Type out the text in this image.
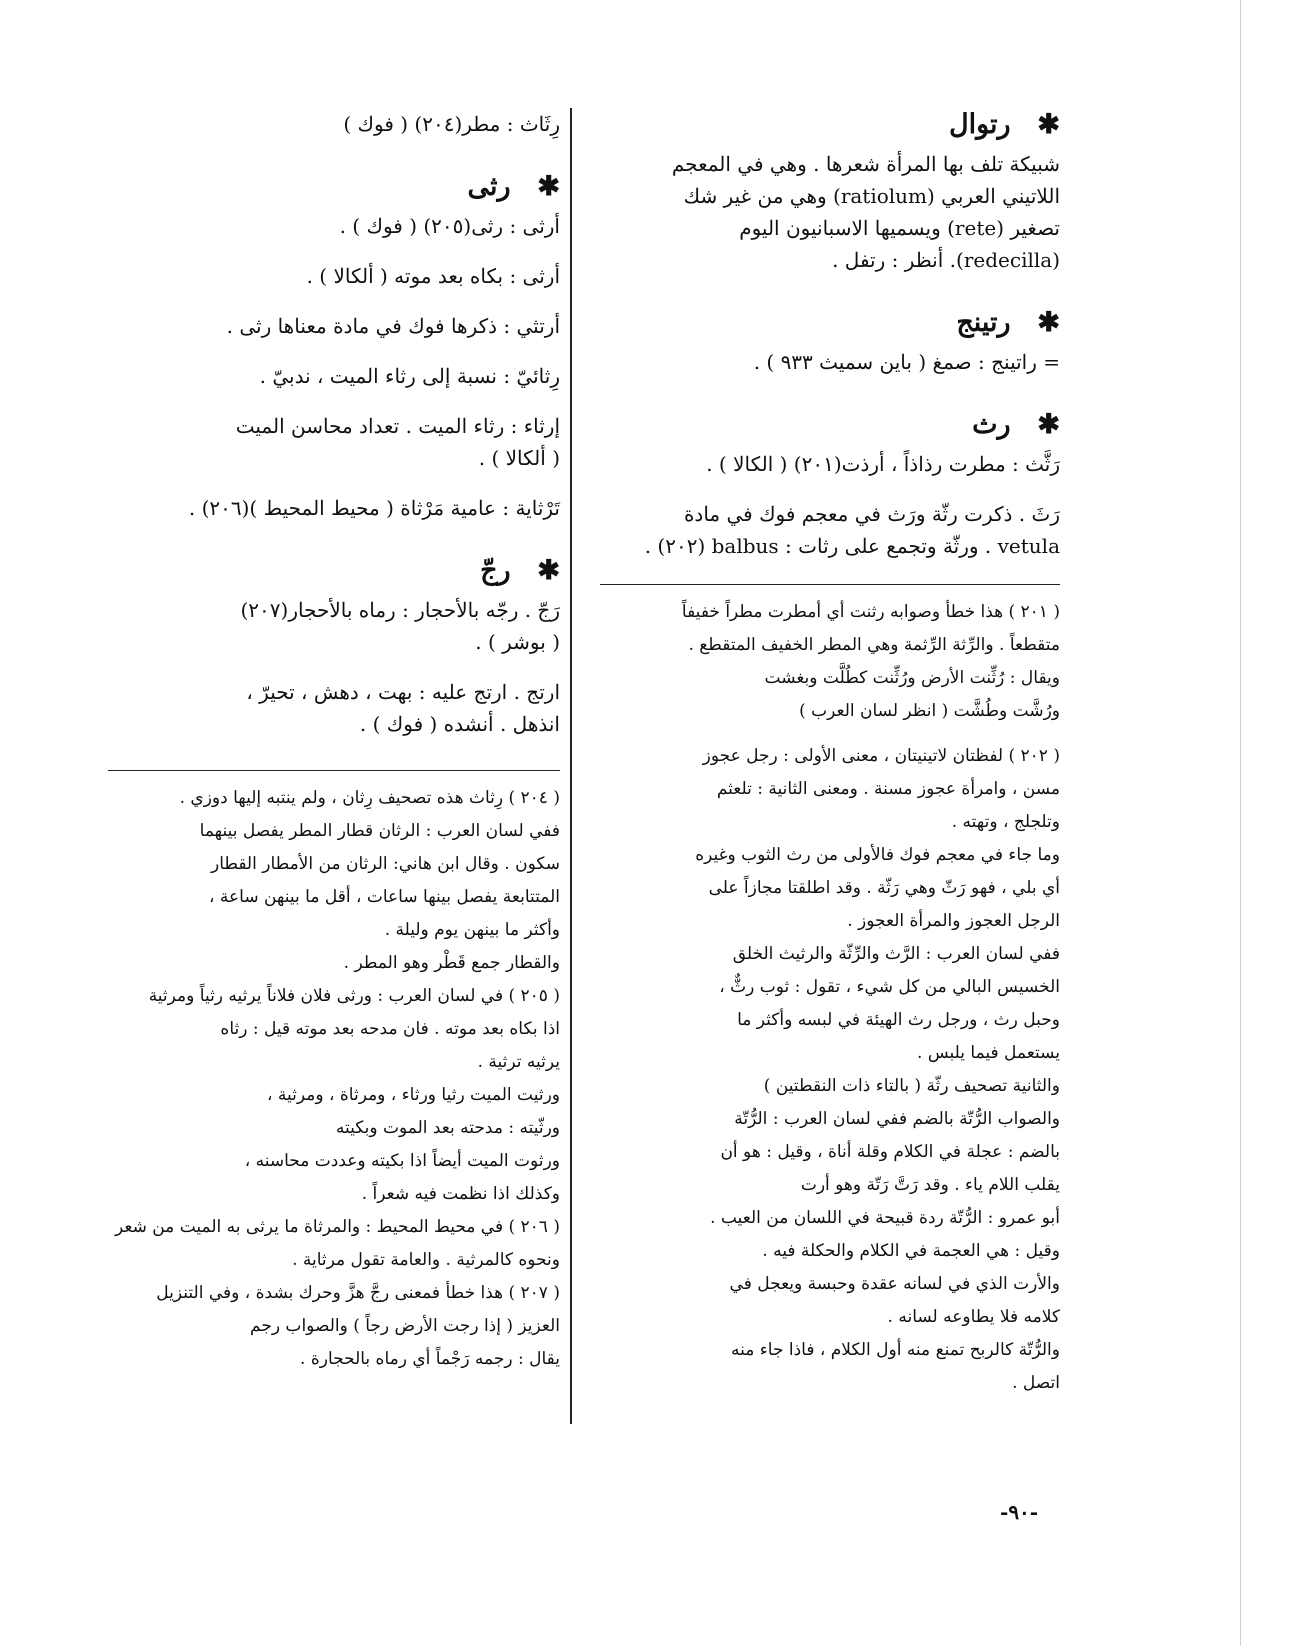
✱ رتوال

شبيكة تلف بها المرأة شعرها . وهي في المعجم

اللاتيني العربي (ratiolum) وهي من غير شك

تصغير (rete) ويسميها الاسبانيون اليوم

(redecilla). أنظر : رتفل .

✱ رتينج

= راتينج : صمغ ( باين سميث ٩٣٣ ) .

✱ رث

رَثَّث : مطرت رذاذاً ، أرذت(٢٠١) ( الكالا ) .

رَثَ . ذكرت رثّة ورَث في معجم فوك في مادة

vetula . ورثّة وتجمع على رثات : balbus (٢٠٢) .

( ٢٠١ ) هذا خطأ وصوابه رثنت أي أمطرت مطراً خفيفاً

متقطعاً . والرِّثة الرِّثمة وهي المطر الخفيف المتقطع .

ويقال : رُثِّنت الأرض ورُثِّنت كطُلَّت وبغشت

ورُشَّت وطُشَّت ( انظر لسان العرب )

( ٢٠٢ ) لفظتان لاتينيتان ، معنى الأولى : رجل عجوز

مسن ، وامرأة عجوز مسنة . ومعنى الثانية : تلعثم

وتلجلج ، وتهته .

وما جاء في معجم فوك فالأولى من رث الثوب وغيره

أي بلي ، فهو رَثّ وهي رَثّة . وقد اطلقتا مجازاً على

الرجل العجوز والمرأة العجوز .

ففي لسان العرب : الرَّث والرِّثّة والرثيث الخلق

الخسيس البالي من كل شيء ، تقول : ثوب رثٌّ ،

وحبل رث ، ورجل رث الهيئة في لبسه وأكثر ما

يستعمل فيما يلبس .

والثانية تصحيف رثّة ( بالتاء ذات النقطتين )

والصواب الرُّتّة بالضم ففي لسان العرب : الرُّتّة

بالضم : عجلة في الكلام وقلة أناة ، وقيل : هو أن

يقلب اللام ياء . وقد رَتَّ رَتّة وهو أرت

أبو عمرو : الرُّتّة ردة قبيحة في اللسان من العيب .

وقيل : هي العجمة في الكلام والحكلة فيه .

والأرت الذي في لسانه عقدة وحبسة ويعجل في

كلامه فلا يطاوعه لسانه .

والرُّتّة كالربح تمنع منه أول الكلام ، فاذا جاء منه

اتصل .

رِثَاث : مطر(٢٠٤) ( فوك )

✱ رثى

أرثى : رثى(٢٠٥) ( فوك ) .

أرثى : بكاه بعد موته ( ألكالا ) .

أرتثي : ذكرها فوك في مادة معناها رثى .

رِثائيّ : نسبة إلى رثاء الميت ، ندبيّ .

إرثاء : رثاء الميت . تعداد محاسن الميت

( ألكالا ) .

تَرْثاية : عامية مَرْثاة ( محيط المحيط )(٢٠٦) .

✱ رجّ

رَجّ . رجّه بالأحجار : رماه بالأحجار(٢٠٧)

( بوشر ) .

ارتج . ارتج عليه : بهت ، دهش ، تحيرّ ،

انذهل . أنشده ( فوك ) .

( ٢٠٤ ) رِثاث هذه تصحيف رِثان ، ولم ينتبه إليها دوزي .

ففي لسان العرب : الرثان قطار المطر يفصل بينهما

سكون . وقال ابن هاني: الرثان من الأمطار القطار

المتتابعة يفصل بينها ساعات ، أقل ما بينهن ساعة ،

وأكثر ما بينهن يوم وليلة .

والقطار جمع قَطْر وهو المطر .

( ٢٠٥ ) في لسان العرب : ورثى فلان فلاناً يرثيه رثياً ومرثية

اذا بكاه بعد موته . فان مدحه بعد موته قيل : رثاه

يرثيه ترثية .

ورثيت الميت رثيا ورثاء ، ومرثاة ، ومرثية ،

ورثّيته : مدحته بعد الموت وبكيته

ورثوت الميت أيضاً اذا بكيته وعددت محاسنه ،

وكذلك اذا نظمت فيه شعراً .

( ٢٠٦ ) في محيط المحيط : والمرثاة ما يرثى به الميت من شعر

ونحوه كالمرثية . والعامة تقول مرثاية .

( ٢٠٧ ) هذا خطأ فمعنى رجَّ هزَّ وحرك بشدة ، وفي التنزيل

العزيز ( إذا رجت الأرض رجاً ) والصواب رجم

يقال : رجمه رَجْماً أي رماه بالحجارة .

-٩٠-
